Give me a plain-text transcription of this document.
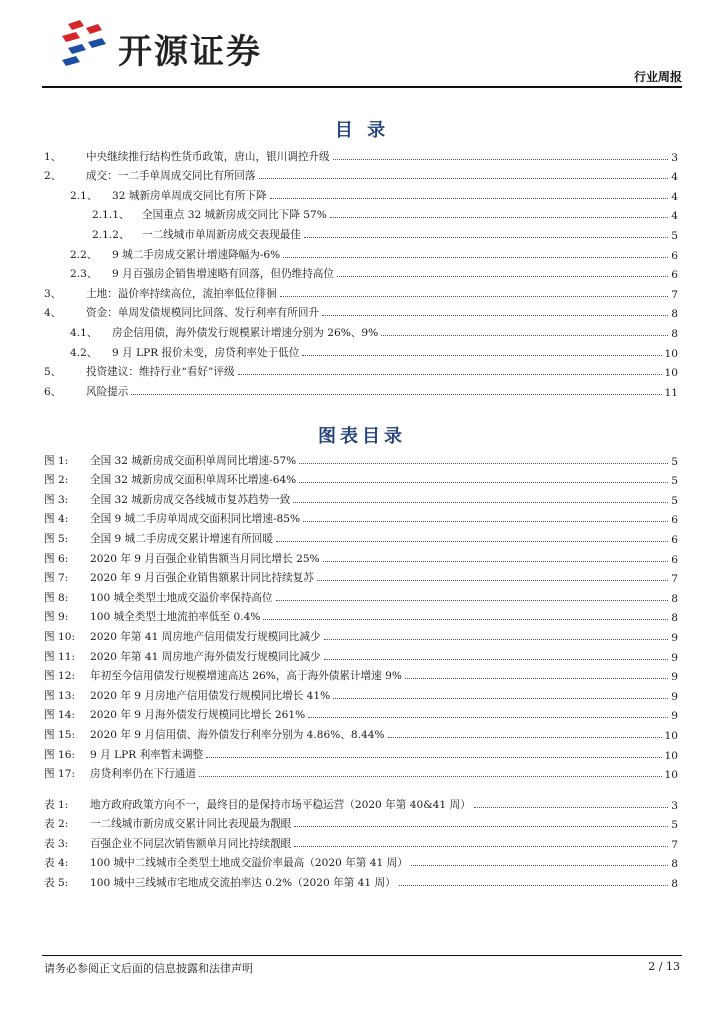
开源证券
行业周报
目 录
1、	中央继续推行结构性货币政策，唐山，银川调控升级	3
2、	成交：一二手单周成交同比有所回落	4
2.1、	32 城新房单周成交同比有所下降	4
2.1.1、	全国重点 32 城新房成交同比下降 57%	4
2.1.2、	一二线城市单周新房成交表现最佳	5
2.2、	9 城二手房成交累计增速降幅为-6%	6
2.3、	9 月百强房企销售增速略有回落，但仍维持高位	6
3、	土地：溢价率持续高位，流拍率低位徘徊	7
4、	资金：单周发债规模同比回落、发行利率有所回升	8
4.1、	房企信用债，海外债发行规模累计增速分别为 26%、9%	8
4.2、	9 月 LPR 报价未变，房贷利率处于低位	10
5、	投资建议：维持行业“看好”评级	10
6、	风险提示	11
图表目录
图 1:	全国 32 城新房成交面积单周同比增速-57%	5
图 2:	全国 32 城新房成交面积单周环比增速-64%	5
图 3:	全国 32 城新房成交各线城市复苏趋势一致	5
图 4:	全国 9 城二手房单周成交面积同比增速-85%	6
图 5:	全国 9 城二手房成交累计增速有所回暖	6
图 6:	2020 年 9 月百强企业销售额当月同比增长 25%	6
图 7:	2020 年 9 月百强企业销售额累计同比持续复苏	7
图 8:	100 城全类型土地成交溢价率保持高位	8
图 9:	100 城全类型土地流拍率低至 0.4%	8
图 10:	2020 年第 41 周房地产信用债发行规模同比减少	9
图 11:	2020 年第 41 周房地产海外债发行规模同比减少	9
图 12:	年初至今信用债发行规模增速高达 26%，高于海外债累计增速 9%	9
图 13:	2020 年 9 月房地产信用债发行规模同比增长 41%	9
图 14:	2020 年 9 月海外债发行规模同比增长 261%	9
图 15:	2020 年 9 月信用债、海外债发行利率分别为 4.86%、8.44%	10
图 16:	9 月 LPR 利率暂未调整	10
图 17:	房贷利率仍在下行通道	10
表 1:	地方政府政策方向不一，最终目的是保持市场平稳运营（2020 年第 40&41 周）	3
表 2:	一二线城市新房成交累计同比表现最为靓眼	5
表 3:	百强企业不同层次销售额单月同比持续靓眼	7
表 4:	100 城中二线城市全类型土地成交溢价率最高（2020 年第 41 周）	8
表 5:	100 城中三线城市宅地成交流拍率达 0.2%（2020 年第 41 周）	8
请务必参阅正文后面的信息披露和法律声明	2 / 13
